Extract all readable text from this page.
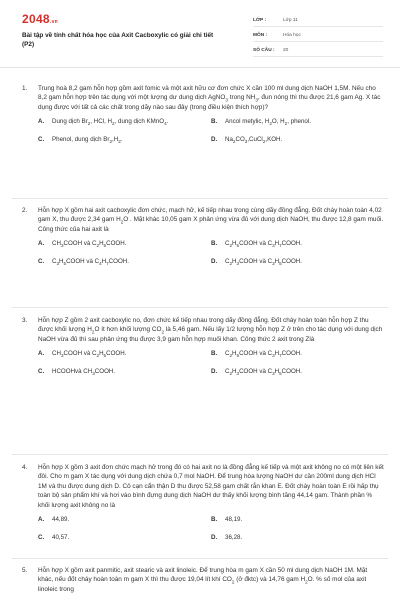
2048.vn
Bài tập về tính chất hóa học của Axit Cacboxylic có giải chi tiết (P2)
LỚP :	Lớp 11
MÔN :	Hóa học
SỐ CÂU :	20
1.	Trung hoà 8,2 gam hỗn hợp gồm axit fomic và một axit hữu cơ đơn chức X cần 100 ml dung dịch NaOH 1,5M. Nếu cho 8,2 gam hỗn hợp trên tác dụng với một lượng dư dung dịch AgNO$_3$ trong $NH_3$, đun nóng thì thu được 21,6 gam Ag. X tác dụng được với tất cả các chất trong dãy nào sau đây (trong điều kiện thích hợp)?
A.	Dung dịch $Br_2$, HCl, $H_2$, dung dịch KMnO$_4$.	B.	Ancol metylic, $H_2O$, $H_2$, phenol.
C.	Phenol, dung dịch $Br_2,H_2$.	D.	$Na_2CO_3,CuCl_2,KOH$.
2.	Hỗn hợp X gồm hai axit cacboxylic đơn chức, mạch hở, kế tiếp nhau trong cùng dãy đồng đẳng. Đốt cháy hoàn toàn 4,02 gam X, thu được 2,34 gam $H_2O$ . Mặt khác 10,05 gam X phản ứng vừa đủ với dung dịch NaOH, thu được 12,8 gam muối. Công thức của hai axit là
A.	$CH_3COOH$ và $C_2H_5COOH$.	B.	$C_2H_5COOH$ và $C_3H_7COOH$.
C.	$C_3H_5COOH$ và $C_4H_7COOH$.	D.	$C_2H_3COOH$ và $C_3H_5COOH$.
3.	Hỗn hợp Z gồm 2 axit cacboxylic no, đơn chức kế tiếp nhau trong dãy đồng đẳng. Đốt cháy hoàn toàn hỗn hợp Z thu được khối lượng $H_2O$ ít hơn khối lượng $CO_2$ là 5,46 gam. Nếu lấy 1/2 lượng hỗn hợp Z ở trên cho tác dụng với dung dịch NaOH vừa đủ thì sau phản ứng thu được 3,9 gam hỗn hợp muối khan. Công thức 2 axit trong Zlà
A.	$CH_3COOH$ và $C_2H_5COOH$.	B.	$C_2H_5COOH$ và $C_3H_7COOH$.
C.	HCOOHvà $CH_3COOH$.	D.	$C_2H_3COOH$ và $C_3H_5COOH$.
4.	Hỗn hợp X gồm 3 axit đơn chức mạch hở trong đó có hai axit no là đồng đẳng kế tiếp và một axit không no có một liên kết đôi. Cho m gam X tác dụng với dung dịch chứa 0,7 mol NaOH. Để trung hòa lượng NaOH dư cần 200ml dung dịch HCl 1M và thu được dung dịch D. Cô cạn cẩn thận D thu được 52,58 gam chất rắn khan E. Đốt cháy hoàn toàn E rồi hấp thụ toàn bộ sản phẩm khí và hơi vào bình đựng dung dịch NaOH dư thấy khối lượng bình tăng 44,14 gam. Thành phần % khối lượng axit không no là
A.	44,89.	B.	48,19.
C.	40,57.	D.	36,28.
5.	Hỗn hợp X gồm axit panmitic, axit stearic và axit linoleic. Để trung hòa m gam X cần 50 ml dung dịch NaOH 1M. Mặt khác, nếu đốt cháy hoàn toàn m gam X thì thu được 19,04 lít khí $CO_2$ (ở đktc) và 14,76 gam $H_2O$. % số mol của axit linoleic trong
